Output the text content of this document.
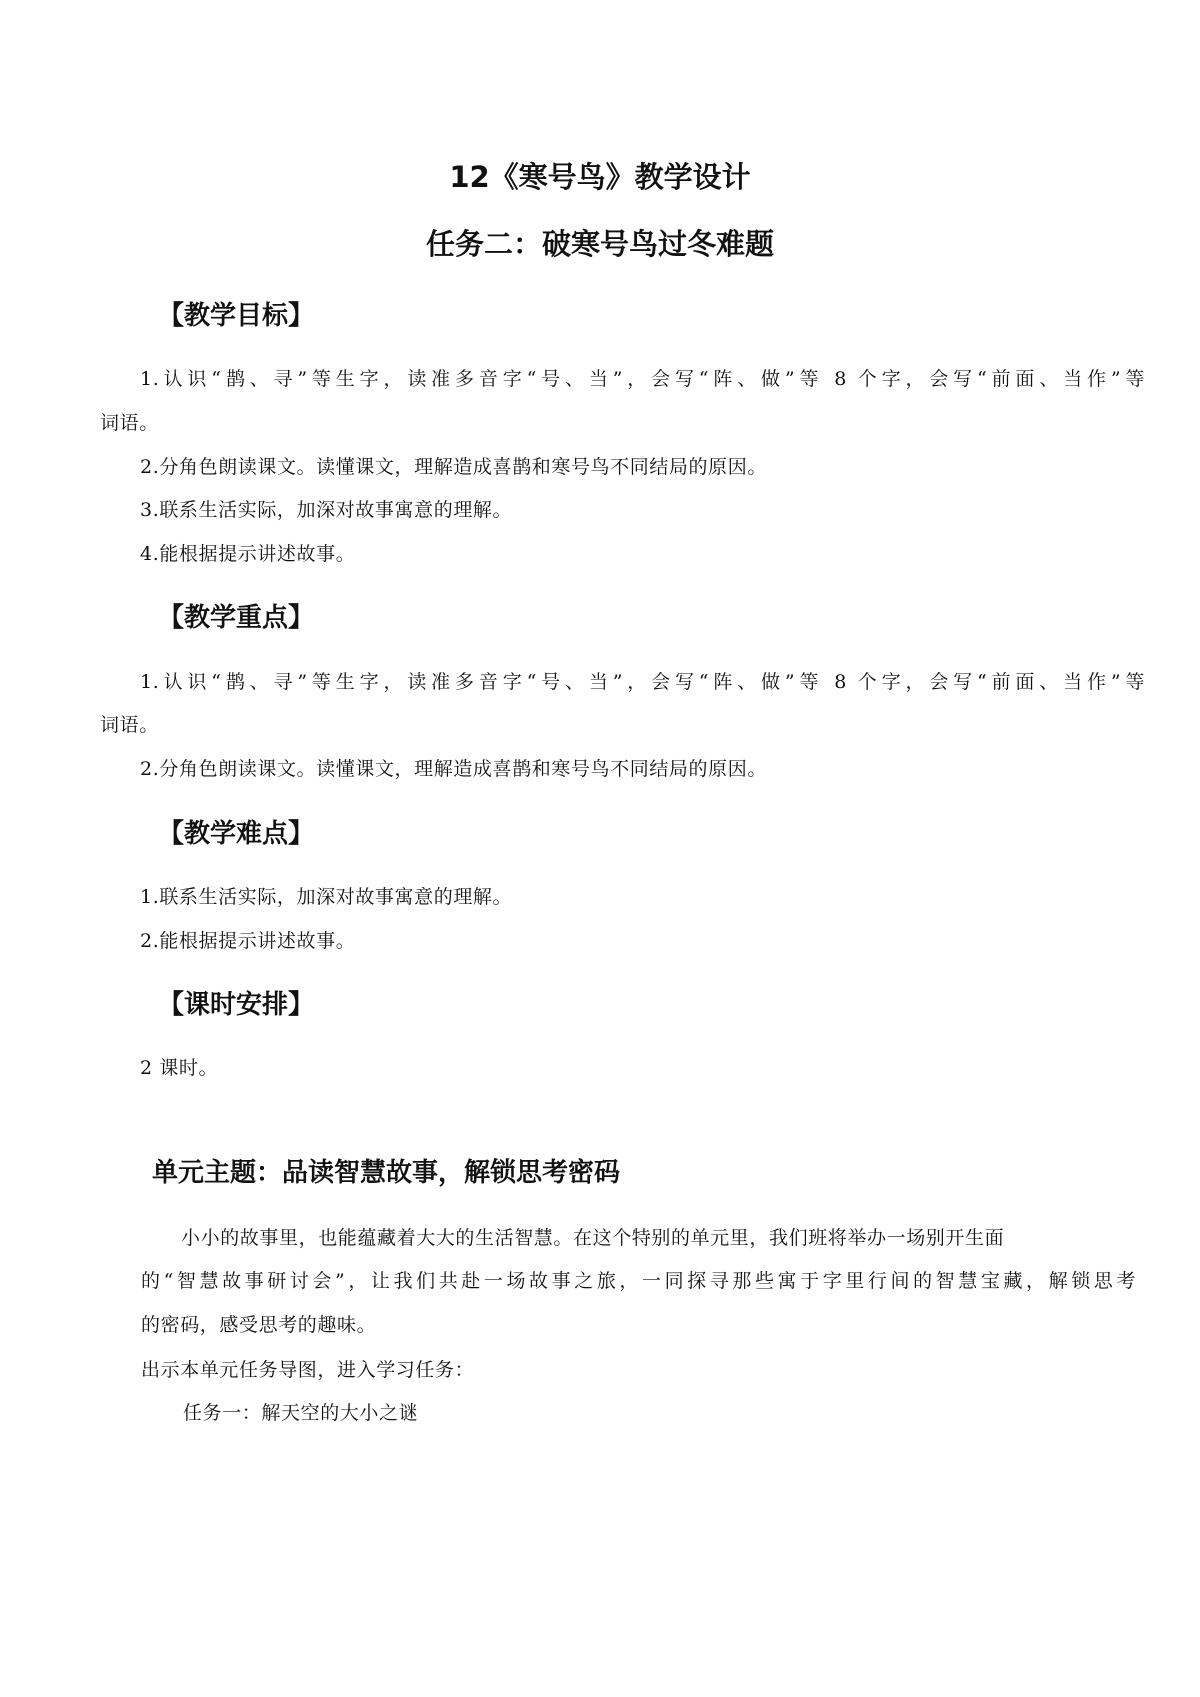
12《寒号鸟》教学设计
任务二：破寒号鸟过冬难题
【教学目标】

1.认识“鹊、寻”等生字，读准多音字“号、当”，会写“阵、做”等 8 个字，会写“前面、当作”等

词语。

2.分角色朗读课文。读懂课文，理解造成喜鹊和寒号鸟不同结局的原因。

3.联系生活实际，加深对故事寓意的理解。

4.能根据提示讲述故事。

【教学重点】

1.认识“鹊、寻”等生字，读准多音字“号、当”，会写“阵、做”等 8 个字，会写“前面、当作”等

词语。

2.分角色朗读课文。读懂课文，理解造成喜鹊和寒号鸟不同结局的原因。

【教学难点】

1.联系生活实际，加深对故事寓意的理解。

2.能根据提示讲述故事。

【课时安排】

2 课时。

单元主题：品读智慧故事，解锁思考密码

小小的故事里，也能蕴藏着大大的生活智慧。在这个特别的单元里，我们班将举办一场别开生面

的“智慧故事研讨会”，让我们共赴一场故事之旅，一同探寻那些寓于字里行间的智慧宝藏，解锁思考

的密码，感受思考的趣味。

出示本单元任务导图，进入学习任务：

任务一：解天空的大小之谜
